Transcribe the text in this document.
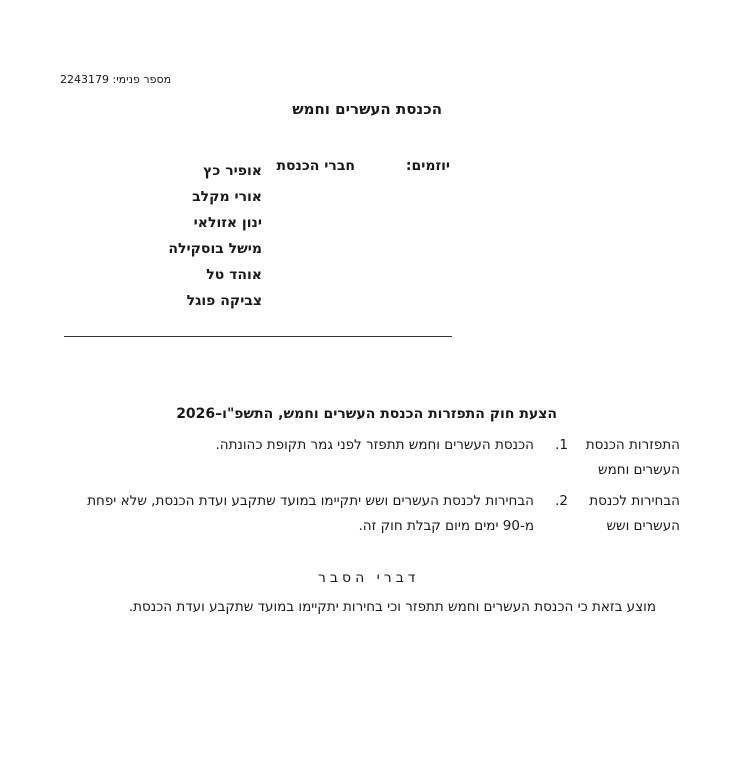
מספר פנימי: 2243179
הכנסת העשרים וחמש
יוזמים:
חברי הכנסת
אופיר כץ
אורי מקלב
ינון אזולאי
מישל בוסקילה
אוהד טל
צביקה פוגל
הצעת חוק התפזרות הכנסת העשרים וחמש, התשפ"ו–2026
התפזרות הכנסת העשרים וחמש
1.
הכנסת העשרים וחמש תתפזר לפני גמר תקופת כהונתה.
הבחירות לכנסת העשרים ושש
2.
הבחירות לכנסת העשרים ושש יתקיימו במועד שתקבע ועדת הכנסת, שלא יפחת מ-90 ימים מיום קבלת חוק זה.
דברי הסבר
מוצע בזאת כי הכנסת העשרים וחמש תתפזר וכי בחירות יתקיימו במועד שתקבע ועדת הכנסת.
